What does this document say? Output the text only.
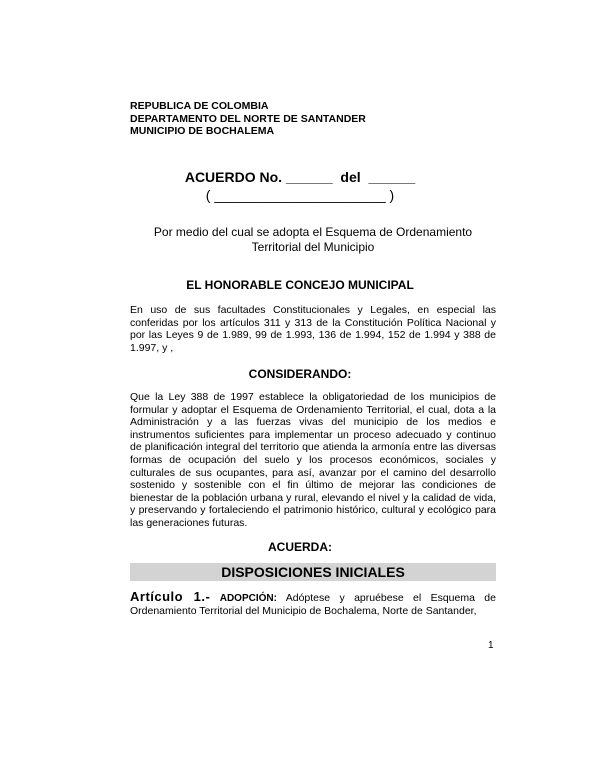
REPUBLICA DE COLOMBIA
DEPARTAMENTO DEL NORTE DE SANTANDER
MUNICIPIO DE BOCHALEMA
ACUERDO No. ______  del  ______
( ______________________ )
Por medio del cual se adopta el Esquema de Ordenamiento Territorial del Municipio
EL HONORABLE CONCEJO MUNICIPAL
En uso de sus facultades Constitucionales y Legales, en especial las conferidas por los artículos 311 y 313 de la Constitución Política Nacional y por las Leyes 9 de 1.989, 99 de 1.993, 136 de 1.994, 152 de 1.994 y 388 de 1.997, y ,
CONSIDERANDO:
Que la Ley 388 de 1997 establece la obligatoriedad de los municipios de formular y adoptar el Esquema de Ordenamiento Territorial, el cual, dota a la Administración y a las fuerzas vivas del municipio de los medios e instrumentos suficientes para implementar un proceso adecuado y continuo de planificación integral del territorio que atienda la armonía entre las diversas formas de ocupación del suelo y los procesos económicos, sociales y culturales de sus ocupantes, para así, avanzar por el camino del desarrollo sostenido y sostenible con el fin último de mejorar las condiciones de bienestar de la población urbana y rural, elevando el nivel y la calidad de vida, y preservando y fortaleciendo el patrimonio histórico, cultural y ecológico para las generaciones futuras.
ACUERDA:
DISPOSICIONES INICIALES
Artículo 1.- ADOPCIÓN: Adóptese y apruébese el Esquema de Ordenamiento Territorial del Municipio de Bochalema, Norte de Santander,
1
